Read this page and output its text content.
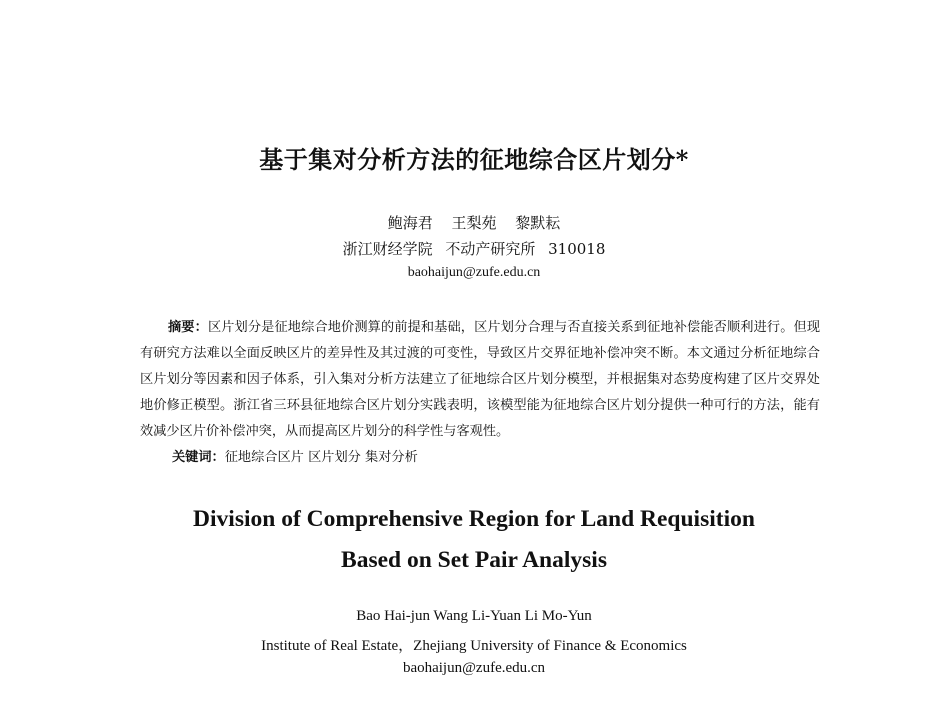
基于集对分析方法的征地综合区片划分*
鲍海君 王梨苑 黎默耘
浙江财经学院 不动产研究所 310018
baohaijun@zufe.edu.cn
摘要：区片划分是征地综合地价测算的前提和基础，区片划分合理与否直接关系到征地补偿能否顺利进行。但现有研究方法难以全面反映区片的差异性及其过渡的可变性，导致区片交界征地补偿冲突不断。本文通过分析征地综合区片划分等因素和因子体系，引入集对分析方法建立了征地综合区片划分模型，并根据集对态势度构建了区片交界处地价修正模型。浙江省三环县征地综合区片划分实践表明，该模型能为征地综合区片划分提供一种可行的方法，能有效减少区片价补偿冲突，从而提高区片划分的科学性与客观性。
关键词：征地综合区片 区片划分 集对分析
Division of Comprehensive Region for Land Requisition
Based on Set Pair Analysis
Bao Hai-jun Wang Li-Yuan Li Mo-Yun
Institute of Real Estate，Zhejiang University of Finance & Economics
baohaijun@zufe.edu.cn
